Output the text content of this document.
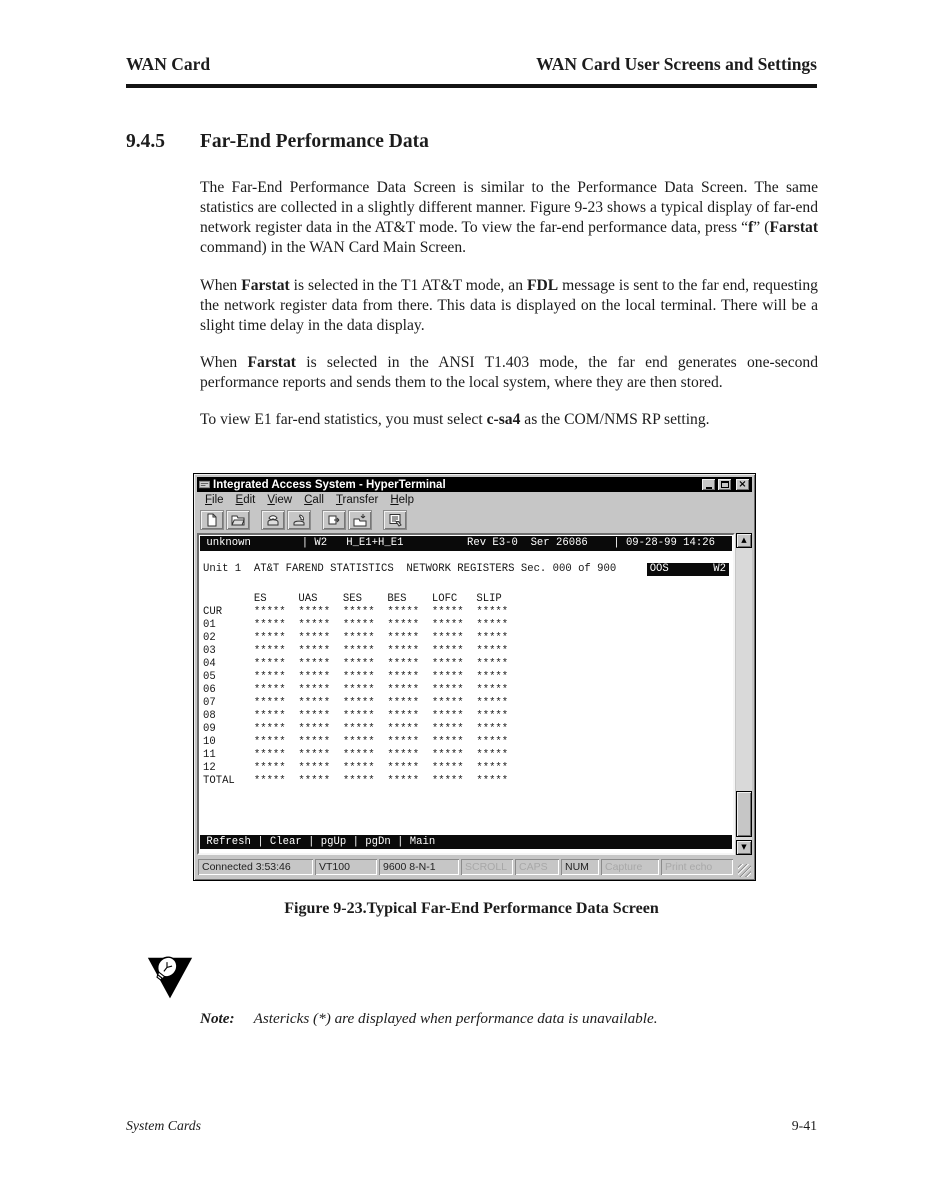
WAN Card	WAN Card User Screens and Settings
9.4.5	Far-End Performance Data

The Far-End Performance Data Screen is similar to the Performance Data Screen. The same statistics are collected in a slightly different manner. Figure 9-23 shows a typical display of far-end network register data in the AT&T mode. To view the far-end performance data, press “f” (Farstat command) in the WAN Card Main Screen.

When Farstat is selected in the T1 AT&T mode, an FDL message is sent to the far end, requesting the network register data from there. This data is displayed on the local terminal. There will be a slight time delay in the data display.

When Farstat is selected in the ANSI T1.403 mode, the far end generates one-second performance reports and sends them to the local system, where they are then stored.

To view E1 far-end statistics, you must select c-sa4 as the COM/NMS RP setting.

Integrated Access System - HyperTerminal	×
File	Edit	View	Call	Transfer	Help
unknown        | W2   H_E1+H_E1          Rev E3-0  Ser 26086    | 09-28-99 14:26
Unit 1  AT&T FAREND STATISTICS  NETWORK REGISTERS Sec. 000 of 900	OOS       W2
ES     UAS    SES    BES    LOFC   SLIP
CUR     *****  *****  *****  *****  *****  *****
01      *****  *****  *****  *****  *****  *****
02      *****  *****  *****  *****  *****  *****
03      *****  *****  *****  *****  *****  *****
04      *****  *****  *****  *****  *****  *****
05      *****  *****  *****  *****  *****  *****
06      *****  *****  *****  *****  *****  *****
07      *****  *****  *****  *****  *****  *****
08      *****  *****  *****  *****  *****  *****
09      *****  *****  *****  *****  *****  *****
10      *****  *****  *****  *****  *****  *****
11      *****  *****  *****  *****  *****  *****
12      *****  *****  *****  *****  *****  *****
TOTAL   *****  *****  *****  *****  *****  *****
Refresh | Clear | pgUp | pgDn | Main
▲
▼
Connected 3:53:46	VT100	9600 8-N-1	SCROLL	CAPS	NUM	Capture	Print echo
Figure 9-23.Typical Far-End Performance Data Screen
Note: Astericks (*) are displayed when performance data is unavailable.
System Cards	9-41
